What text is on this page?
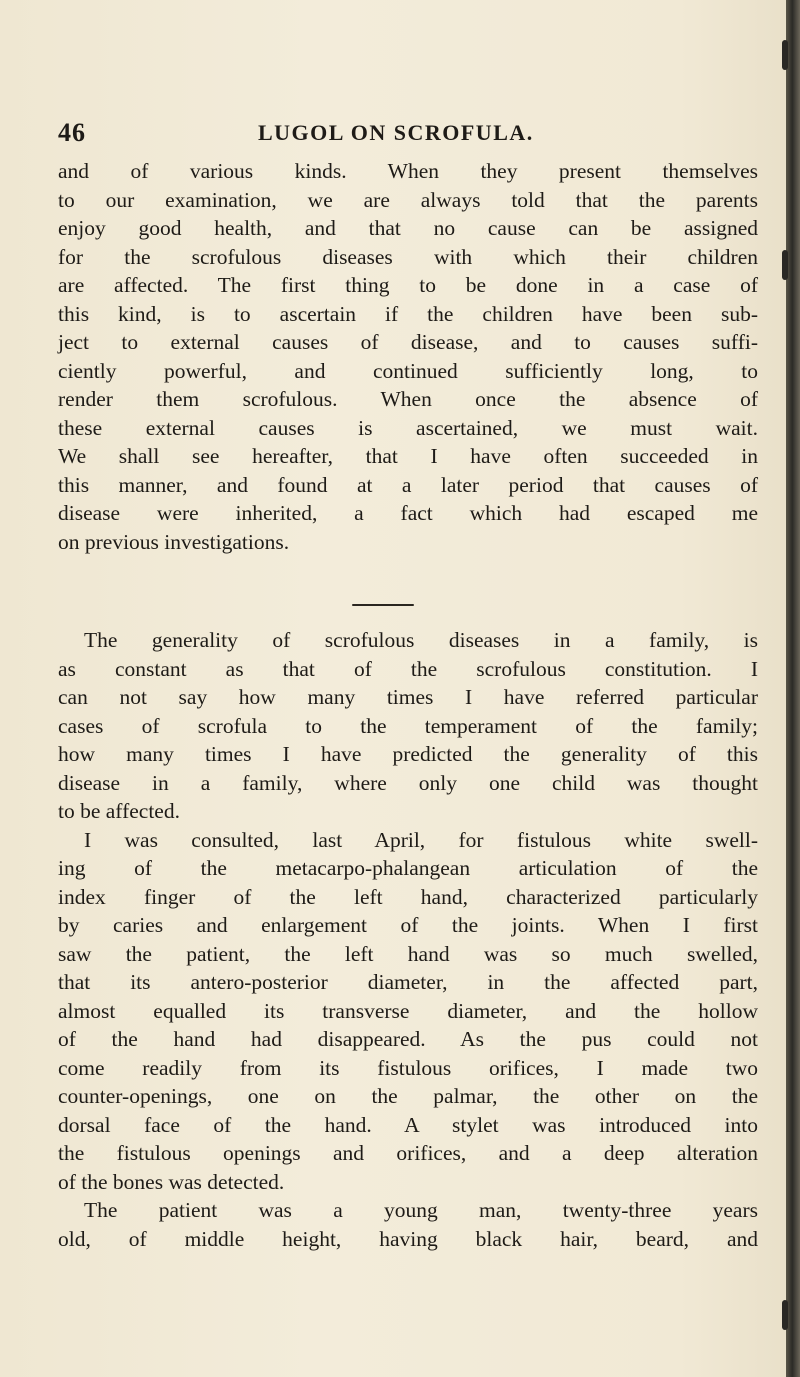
46	LUGOL ON SCROFULA.
and of various kinds. When they present themselves
to our examination, we are always told that the parents
enjoy good health, and that no cause can be assigned
for the scrofulous diseases with which their children
are affected. The first thing to be done in a case of
this kind, is to ascertain if the children have been sub-
ject to external causes of disease, and to causes suffi-
ciently powerful, and continued sufficiently long, to
render them scrofulous. When once the absence of
these external causes is ascertained, we must wait.
We shall see hereafter, that I have often succeeded in
this manner, and found at a later period that causes of
disease were inherited, a fact which had escaped me
on previous investigations.
The generality of scrofulous diseases in a family, is
as constant as that of the scrofulous constitution. I
can not say how many times I have referred particular
cases of scrofula to the temperament of the family;
how many times I have predicted the generality of this
disease in a family, where only one child was thought
to be affected.
I was consulted, last April, for fistulous white swell-
ing of the metacarpo-phalangean articulation of the
index finger of the left hand, characterized particularly
by caries and enlargement of the joints. When I first
saw the patient, the left hand was so much swelled,
that its antero-posterior diameter, in the affected part,
almost equalled its transverse diameter, and the hollow
of the hand had disappeared. As the pus could not
come readily from its fistulous orifices, I made two
counter-openings, one on the palmar, the other on the
dorsal face of the hand. A stylet was introduced into
the fistulous openings and orifices, and a deep alteration
of the bones was detected.
The patient was a young man, twenty-three years
old, of middle height, having black hair, beard, and
